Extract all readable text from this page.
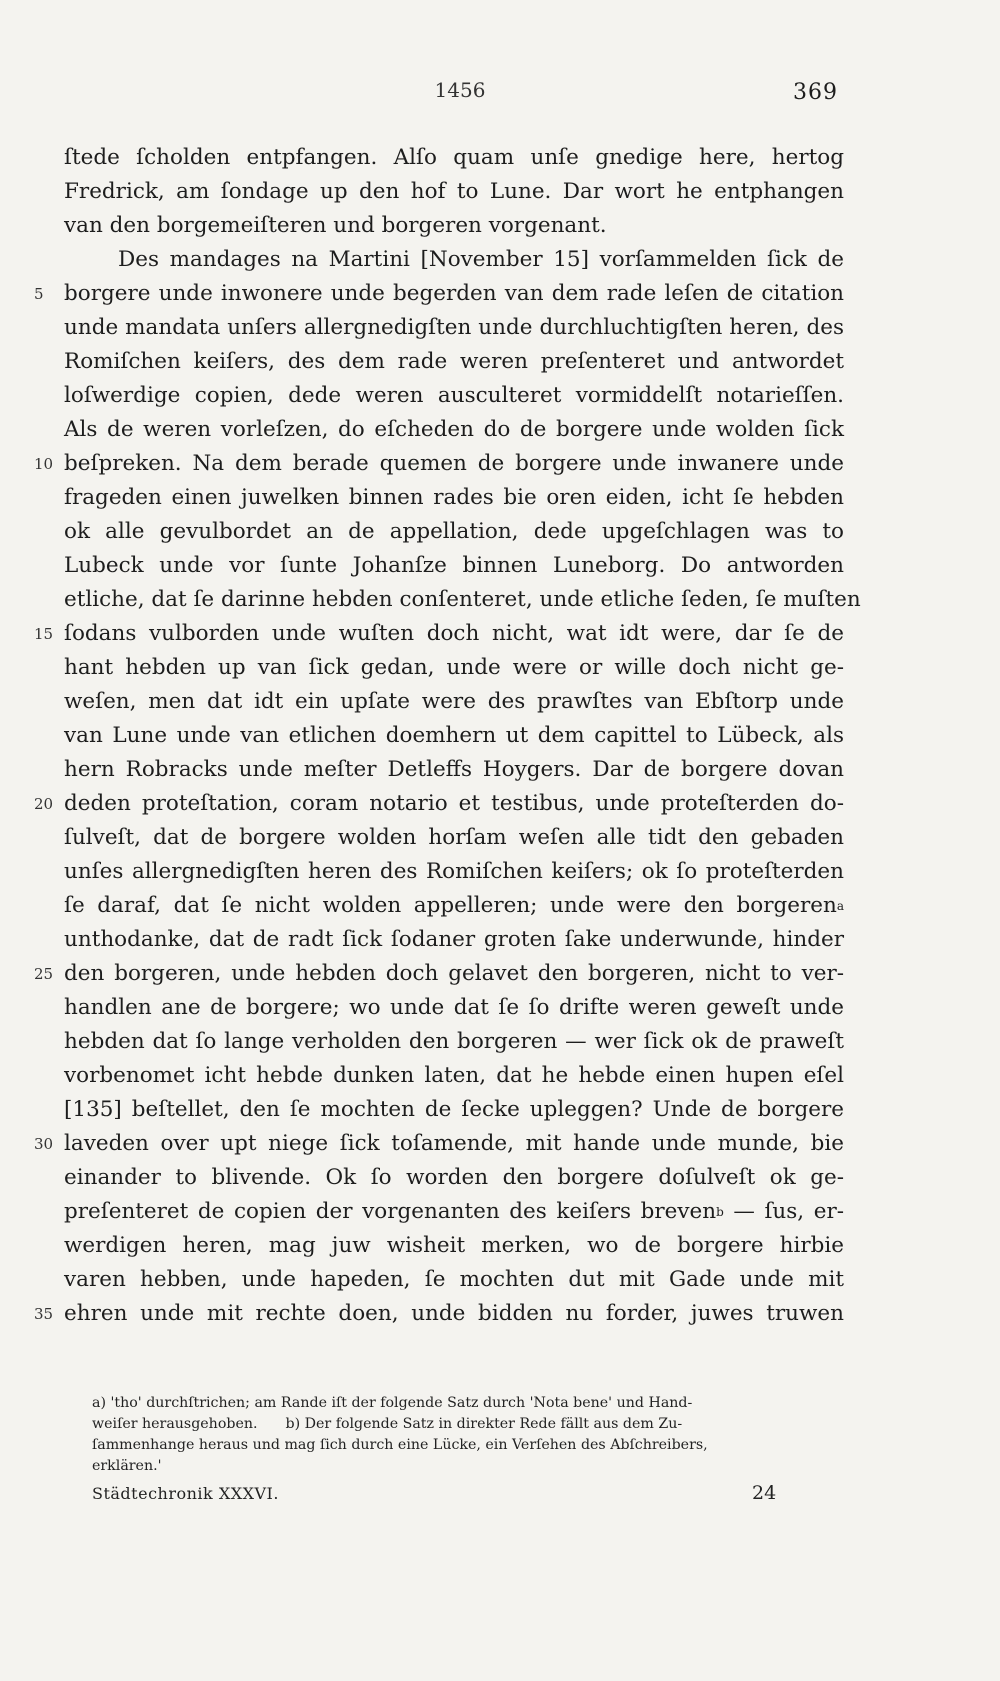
1456	369
ſtede ſcholden entpfangen. Alſo quam unſe gnedige here, hertog
Fredrick, am ſondage up den hof to Lune. Dar wort he entphangen
van den borgemeiſteren und borgeren vorgenant.
Des mandages na Martini [November 15] vorſammelden ſick de
5 borgere unde inwonere unde begerden van dem rade leſen de citation
unde mandata unſers allergnedigſten unde durchluchtigſten heren, des
Romiſchen keiſers, des dem rade weren preſenteret und antwordet
loſwerdige copien, dede weren ausculteret vormiddelſt notarieſſen.
Als de weren vorleſzen, do eſcheden do de borgere unde wolden ſick
10 beſpreken. Na dem berade quemen de borgere unde inwanere unde
frageden einen juwelken binnen rades bie oren eiden, icht ſe hebden
ok alle gevulbordet an de appellation, dede upgeſchlagen was to
Lubeck unde vor ſunte Johanſze binnen Luneborg. Do antworden
etliche, dat ſe darinne hebden conſenteret, unde etliche ſeden, ſe muſten
15 ſodans vulborden unde wuſten doch nicht, wat idt were, dar ſe de
hant hebden up van ſick gedan, unde were or wille doch nicht ge-
weſen, men dat idt ein upſate were des prawſtes van Ebſtorp unde
van Lune unde van etlichen doemhern ut dem capittel to Lübeck, als
hern Robracks unde meſter Detleffs Hoygers. Dar de borgere dovan
20 deden proteſtation, coram notario et testibus, unde proteſterden do-
ſulveſt, dat de borgere wolden horſam weſen alle tidt den gebaden
unſes allergnedigſten heren des Romiſchen keiſers; ok ſo proteſterden
ſe daraf, dat ſe nicht wolden appelleren; unde were den borgerena
unthodanke, dat de radt ſick ſodaner groten ſake underwunde, hinder
25 den borgeren, unde hebden doch gelavet den borgeren, nicht to ver-
handlen ane de borgere; wo unde dat ſe ſo drifte weren geweſt unde
hebden dat ſo lange verholden den borgeren — wer ſick ok de praweſt
vorbenomet icht hebde dunken laten, dat he hebde einen hupen eſel
[135] beſtellet, den ſe mochten de ſecke upleggen? Unde de borgere
30 laveden over upt niege ſick toſamende, mit hande unde munde, bie
einander to blivende. Ok ſo worden den borgere doſulveſt ok ge-
preſenteret de copien der vorgenanten des keiſers brevenb — ſus, er-
werdigen heren, mag juw wisheit merken, wo de borgere hirbie
varen hebben, unde hapeden, ſe mochten dut mit Gade unde mit
35 ehren unde mit rechte doen, unde bidden nu forder, juwes truwen
a) 'tho' durchſtrichen; am Rande iſt der folgende Satz durch 'Nota bene' und Hand-
weiſer herausgehoben. b) Der folgende Satz in direkter Rede fällt aus dem Zu-
ſammenhange heraus und mag ſich durch eine Lücke, ein Verſehen des Abſchreibers,
erklären.'
Städtechronik XXXVI.	24
